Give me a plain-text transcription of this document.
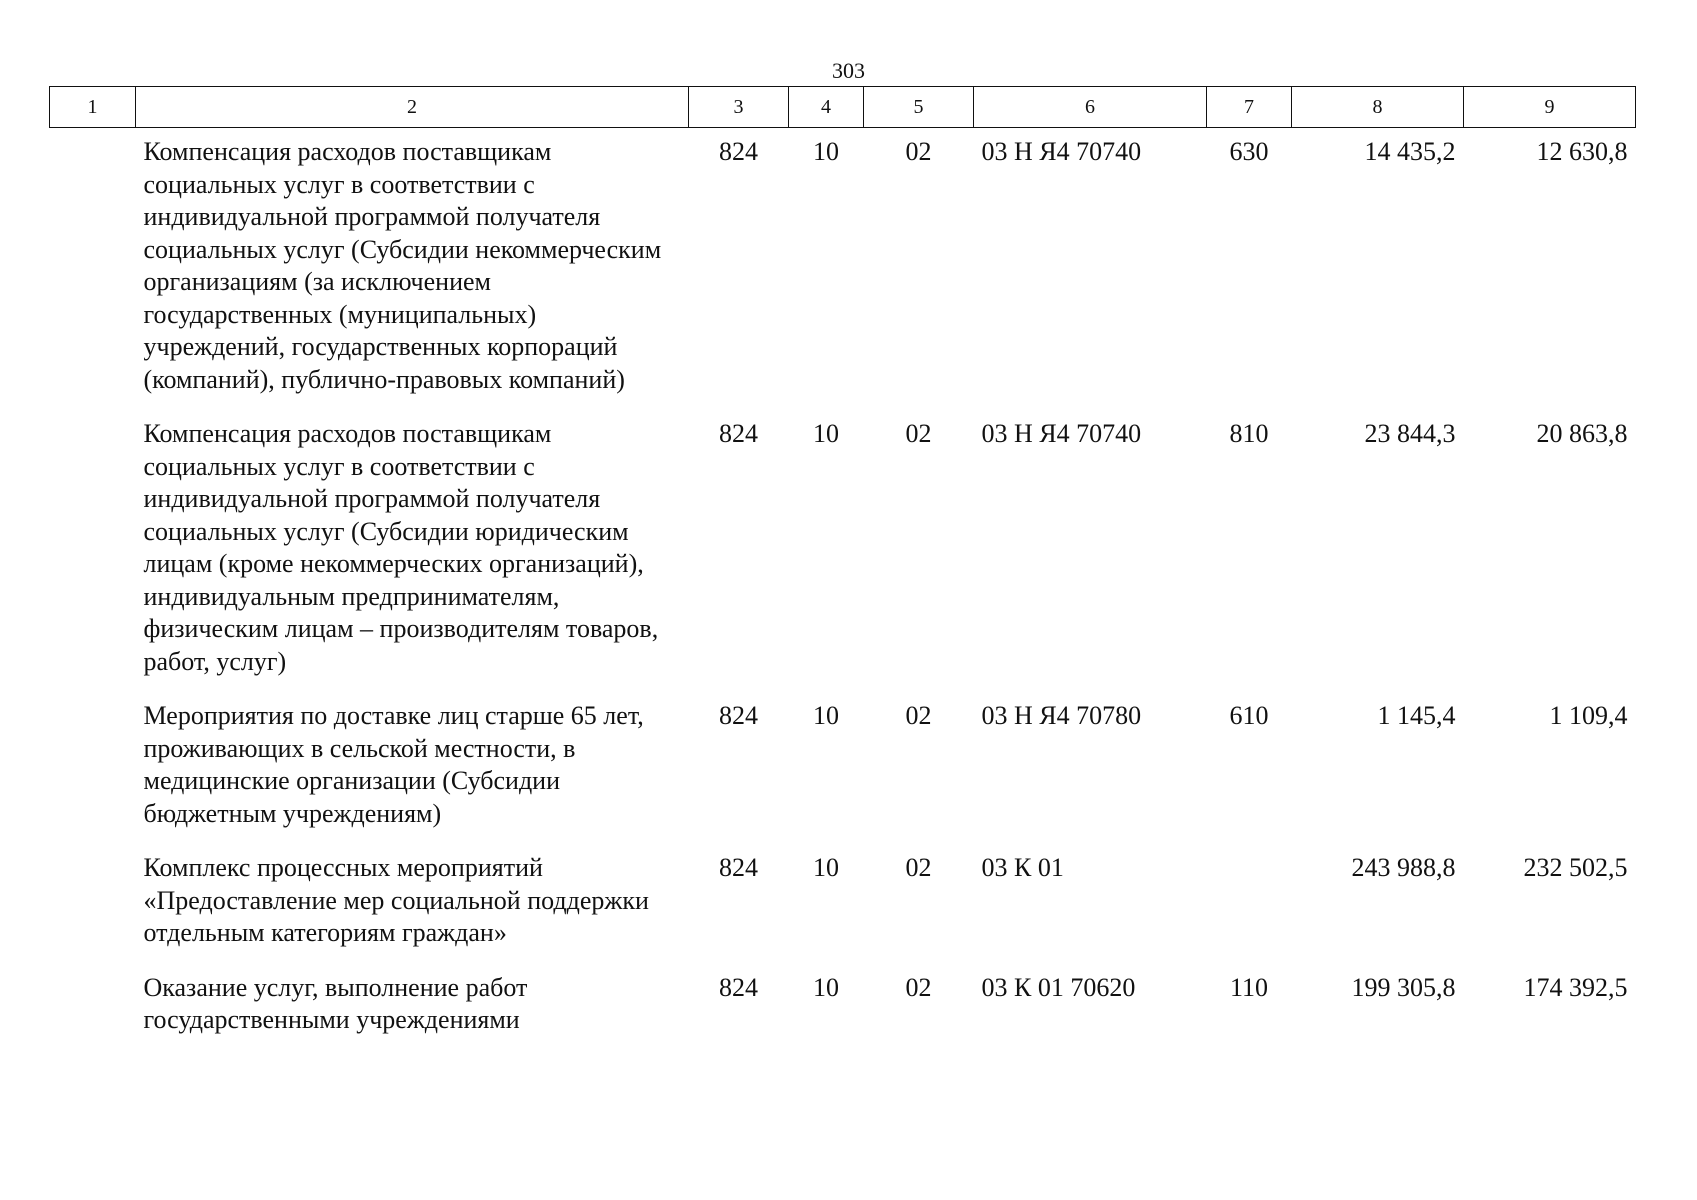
303
1	2	3	4	5	6	7	8	9
	Компенсация расходов поставщикам социальных услуг в соответствии с индивидуальной программой получателя социальных услуг (Субсидии некоммерческим организациям (за исключением государственных (муниципальных) учреждений, государственных корпораций (компаний), публично-правовых компаний)	824	10	02	03 Н Я4 70740	630	14 435,2	12 630,8
	Компенсация расходов поставщикам социальных услуг в соответствии с индивидуальной программой получателя социальных услуг (Субсидии юридическим лицам (кроме некоммерческих организаций), индивидуальным предпринимателям, физическим лицам – производителям товаров, работ, услуг)	824	10	02	03 Н Я4 70740	810	23 844,3	20 863,8
	Мероприятия по доставке лиц старше 65 лет, проживающих в сельской местности, в медицинские организации (Субсидии бюджетным учреждениям)	824	10	02	03 Н Я4 70780	610	1 145,4	1 109,4
	Комплекс процессных мероприятий «Предоставление мер социальной поддержки отдельным категориям граждан»	824	10	02	03 К 01		243 988,8	232 502,5
	Оказание услуг, выполнение работ государственными учреждениями	824	10	02	03 К 01 70620	110	199 305,8	174 392,5
